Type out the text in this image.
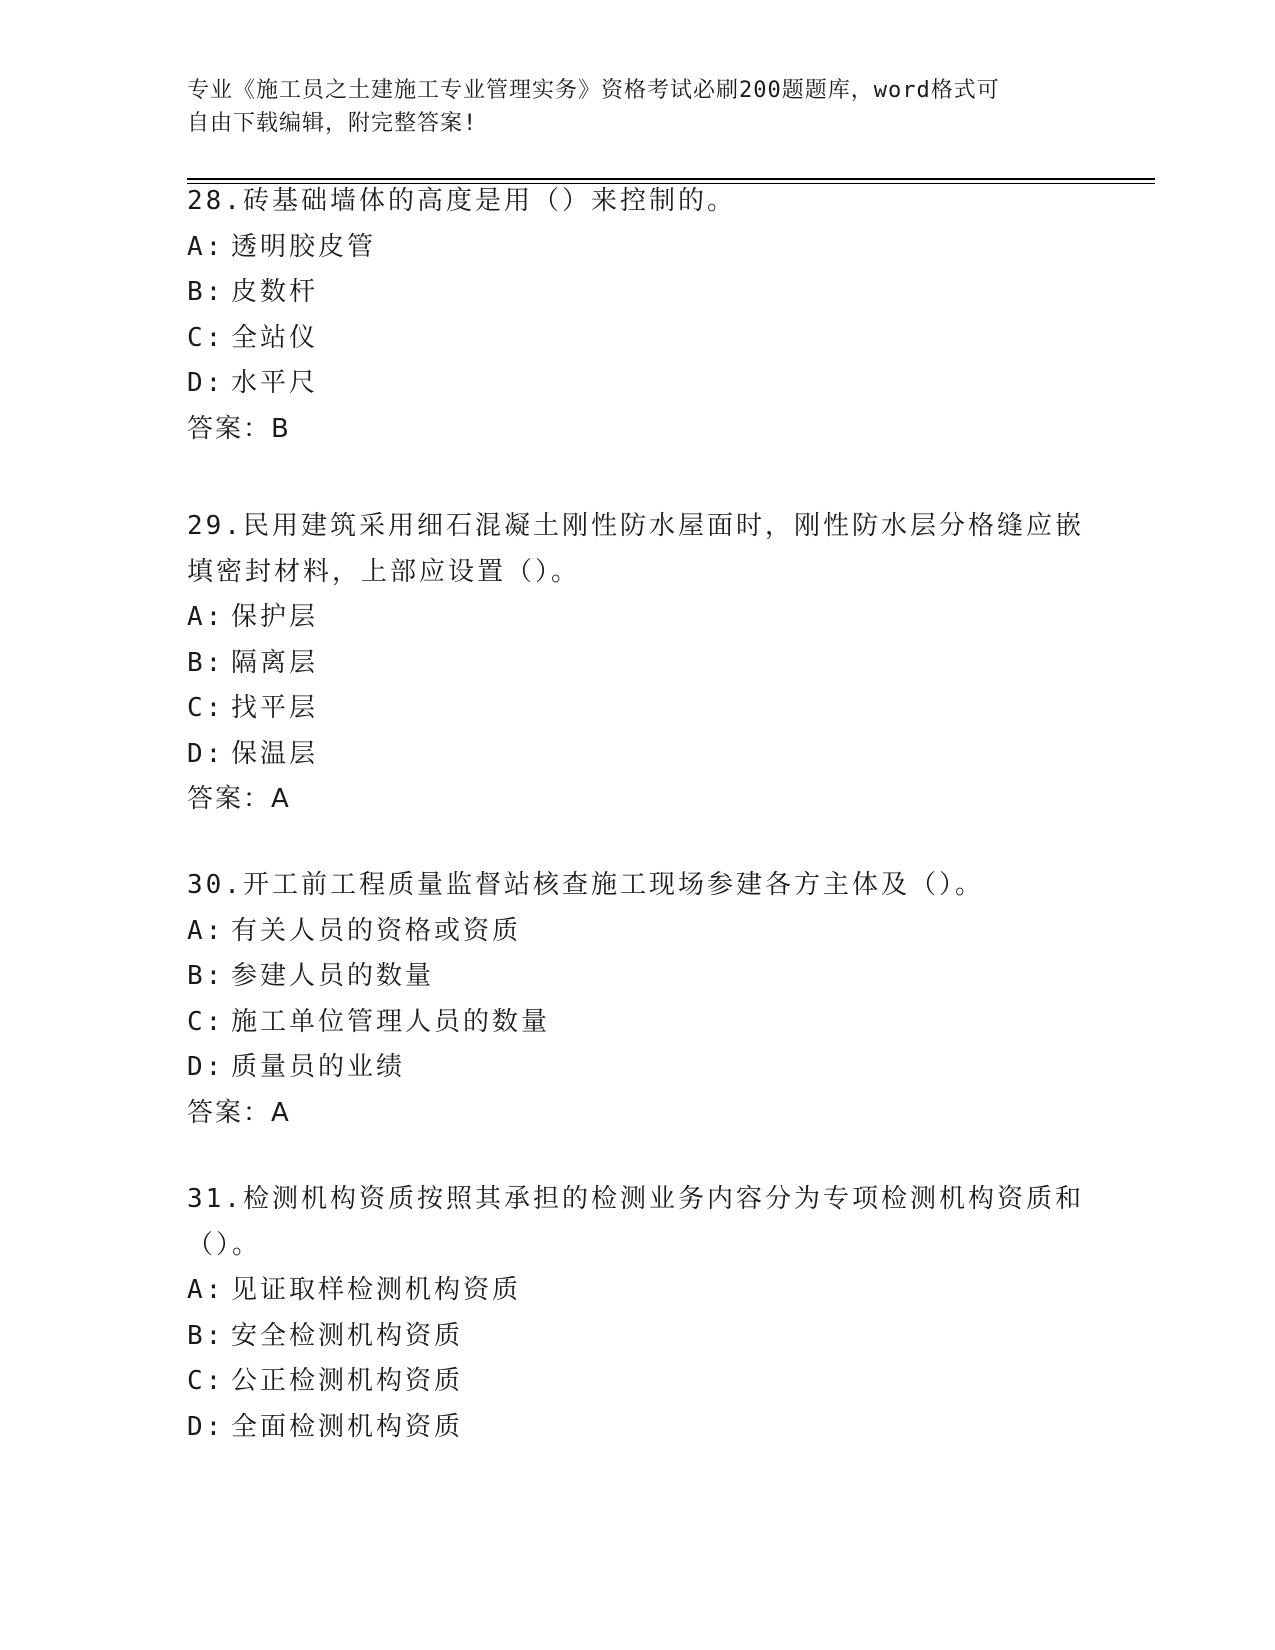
专业《施工员之土建施工专业管理实务》资格考试必刷200题题库，word格式可
自由下载编辑，附完整答案!
28.砖基础墙体的高度是用（）来控制的。
A: 透明胶皮管
B: 皮数杆
C: 全站仪
D: 水平尺
答案：B
29.民用建筑采用细石混凝土刚性防水屋面时，刚性防水层分格缝应嵌
填密封材料，上部应设置（）。
A: 保护层
B: 隔离层
C: 找平层
D: 保温层
答案：A
30.开工前工程质量监督站核查施工现场参建各方主体及（）。
A: 有关人员的资格或资质
B: 参建人员的数量
C: 施工单位管理人员的数量
D: 质量员的业绩
答案：A
31.检测机构资质按照其承担的检测业务内容分为专项检测机构资质和
（）。
A: 见证取样检测机构资质
B: 安全检测机构资质
C: 公正检测机构资质
D: 全面检测机构资质
